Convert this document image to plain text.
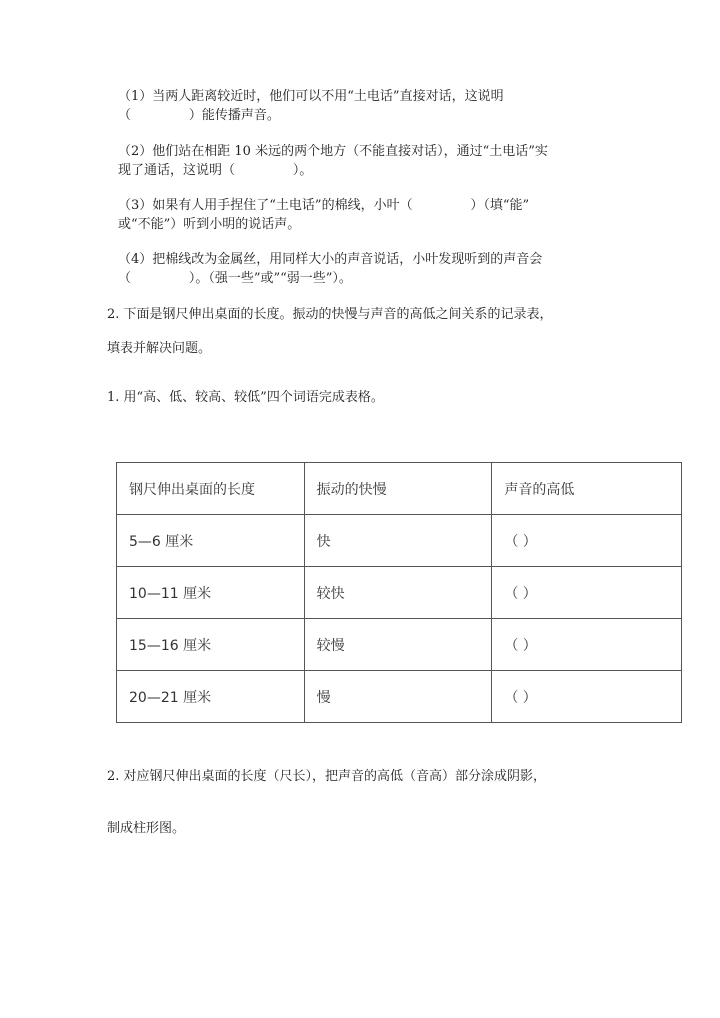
（1）当两人距离较近时，他们可以不用“土电话”直接对话，这说明
（              ）能传播声音。
（2）他们站在相距 10 米远的两个地方（不能直接对话），通过“土电话”实
现了通话，这说明（              ）。
（3）如果有人用手捏住了“土电话”的棉线，小叶（              ）（填“能”
或“不能”）听到小明的说话声。
（4）把棉线改为金属丝，用同样大小的声音说话，小叶发现听到的声音会
（              ）。（强一些”或”“弱一些”）。
2. 下面是钢尺伸出桌面的长度。振动的快慢与声音的高低之间关系的记录表，
填表并解决问题。
1. 用“高、低、较高、较低”四个词语完成表格。
钢尺伸出桌面的长度	振动的快慢	声音的高低
5—6 厘米	快	（ ）
10—11 厘米	较快	（ ）
15—16 厘米	较慢	（ ）
20—21 厘米	慢	（ ）
2. 对应钢尺伸出桌面的长度（尺长），把声音的高低（音高）部分涂成阴影，
制成柱形图。
